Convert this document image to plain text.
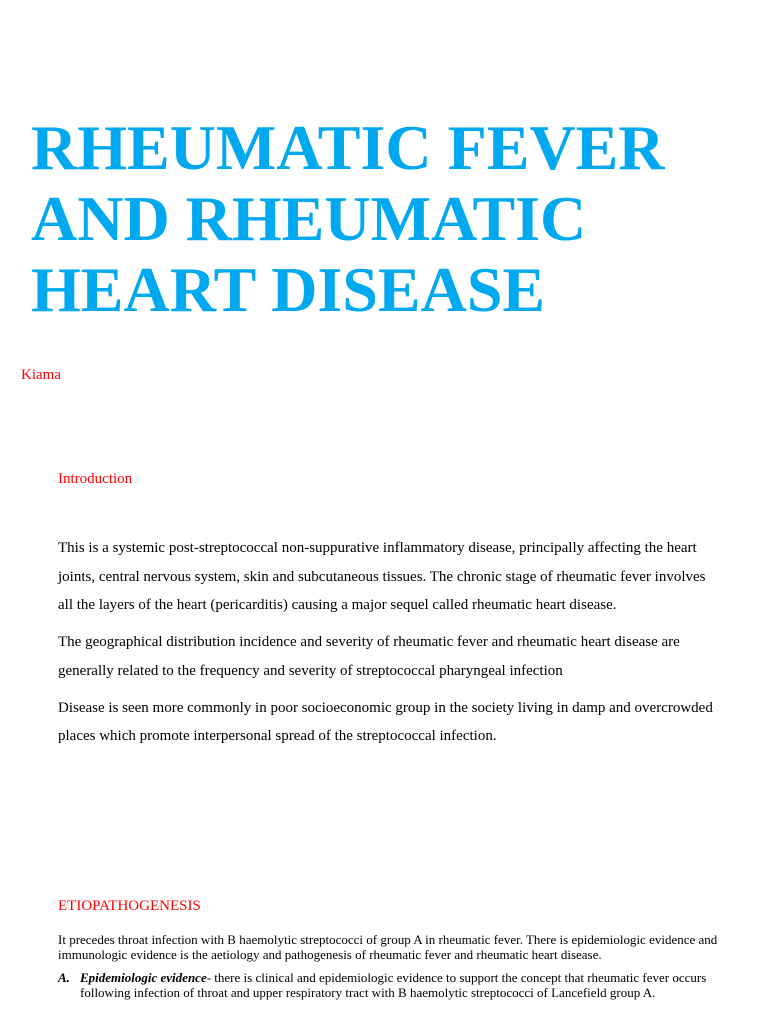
RHEUMATIC FEVER
AND RHEUMATIC
HEART DISEASE
Kiama
Introduction

This is a systemic post-streptococcal non-suppurative inflammatory disease, principally affecting the heart joints, central nervous system, skin and subcutaneous tissues. The chronic stage of rheumatic fever involves all the layers of the heart (pericarditis) causing a major sequel called rheumatic heart disease.

The geographical distribution incidence and severity of rheumatic fever and rheumatic heart disease are generally related to the frequency and severity of streptococcal pharyngeal infection

Disease is seen more commonly in poor socioeconomic group in the society living in damp and overcrowded places which promote interpersonal spread of the streptococcal infection.

ETIOPATHOGENESIS

It precedes throat infection with B haemolytic streptococci of group A in rheumatic fever. There is epidemiologic evidence and immunologic evidence is the aetiology and pathogenesis of rheumatic fever and rheumatic heart disease.

A. Epidemiologic evidence- there is clinical and epidemiologic evidence to support the concept that rheumatic fever occurs following infection of throat and upper respiratory tract with B haemolytic streptococci of Lancefield group A.
